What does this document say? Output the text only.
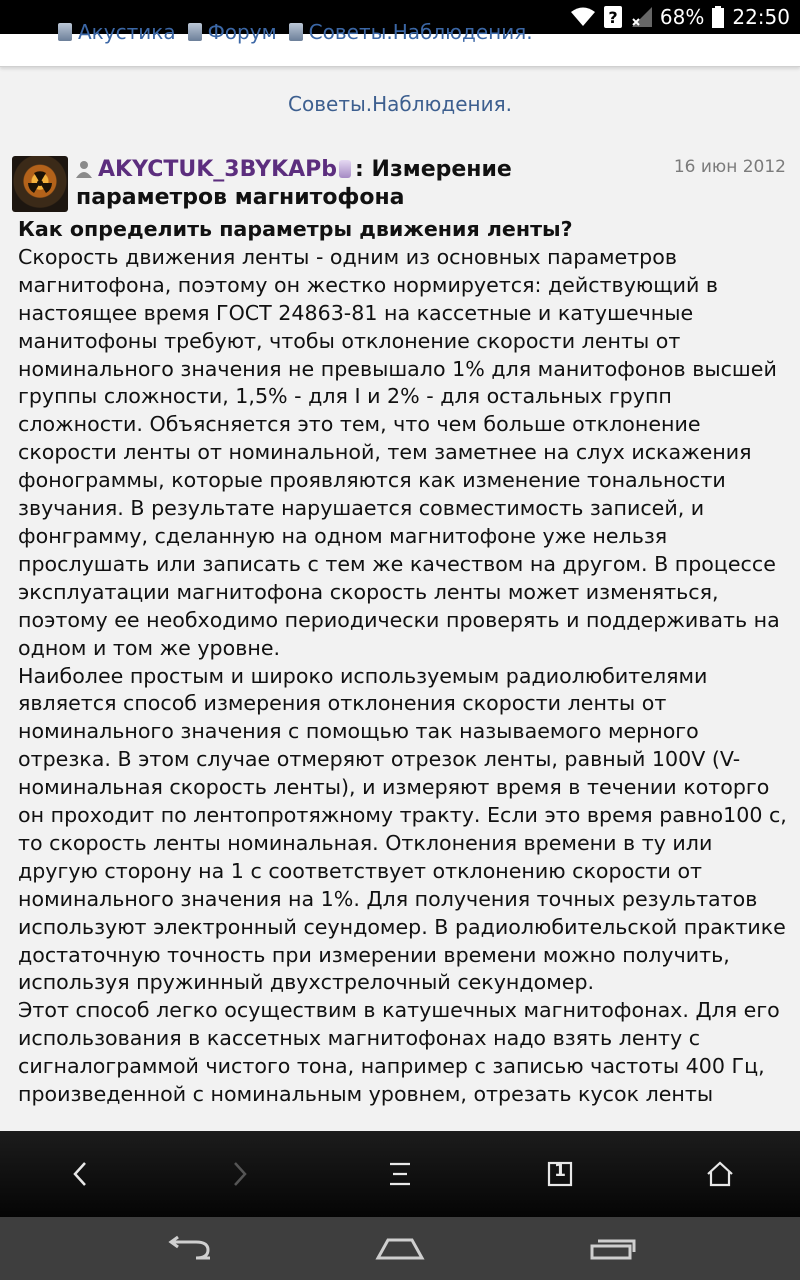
? 68% 22:50
Акустика Форум Советы.Наблюдения.
Советы.Наблюдения.
AKYCTUK_3BYKAPb : Измерение параметров магнитофона
16 июн 2012

Как определить параметры движения ленты?

Скорость движения ленты - одним из основных параметров магнитофона, поэтому он жестко нормируется: действующий в настоящее время ГОСТ 24863-81 на кассетные и катушечные манитофоны требуют, чтобы отклонение скорости ленты от номинального значения не превышало 1% для манитофонов высшей группы сложности, 1,5% - для I и 2% - для остальных групп сложности. Объясняется это тем, что чем больше отклонение скорости ленты от номинальной, тем заметнее на слух искажения фонограммы, которые проявляются как изменение тональности звучания. В результате нарушается совместимость записей, и фонграмму, сделанную на одном магнитофоне уже нельзя прослушать или записать с тем же качеством на другом. В процессе эксплуатации магнитофона скорость ленты может изменяться, поэтому ее необходимо периодически проверять и поддерживать на одном и том же уровне.

Наиболее простым и широко используемым радиолюбителями является способ измерения отклонения скорости ленты от номинального значения с помощью так называемого мерного отрезка. В этом случае отмеряют отрезок ленты, равный 100V (V- номинальная скорость ленты), и измеряют время в течении которго он проходит по лентопротяжному тракту. Если это время равно100 с, то скорость ленты номинальная. Отклонения времени в ту или другую сторону на 1 с соответствует отклонению скорости от номинального значения на 1%. Для получения точных результатов используют электронный сеундомер. В радиолюбительской практике достаточную точность при измерении времени можно получить, используя пружинный двухстрелочный секундомер.

Этот способ легко осуществим в катушечных магнитофонах. Для его использования в кассетных магнитофонах надо взять ленту с сигналограммой чистого тона, например с записью частоты 400 Гц, произведенной с номинальным уровнем, отрезать кусок ленты

1
